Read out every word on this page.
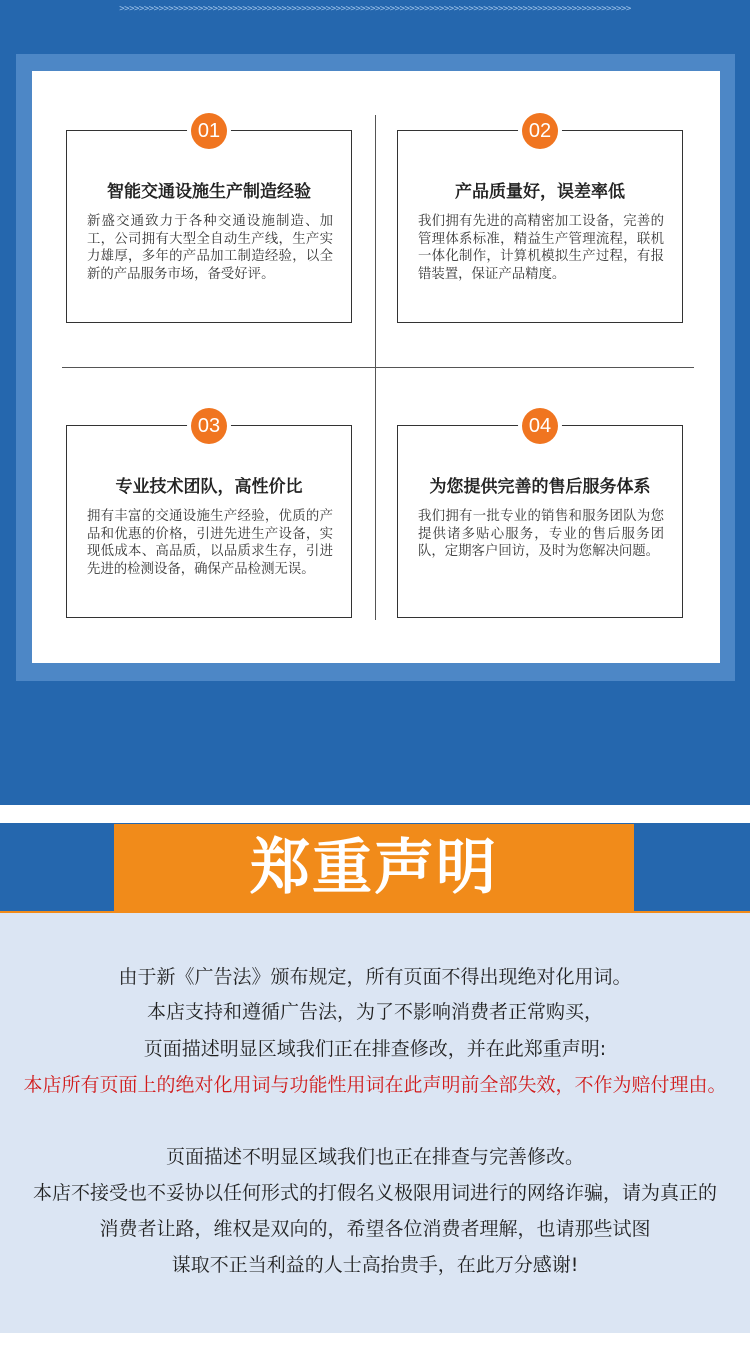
>>>>>>>>>>>>>>>>>>>>>>>>>>>>>>>>>>>>>>>>>>>>>>>>>>>>>>>>>>>>>>>>>>>>>>>>>>>>>>>>>>>>>>>>>>>>>>>>>>>>>>>>
01
智能交通设施生产制造经验
新盛交通致力于各种交通设施制造、加工，公司拥有大型全自动生产线，生产实力雄厚，多年的产品加工制造经验，以全新的产品服务市场，备受好评。
02
产品质量好，误差率低
我们拥有先进的高精密加工设备，完善的管理体系标准，精益生产管理流程，联机一体化制作，计算机模拟生产过程，有报错装置，保证产品精度。
03
专业技术团队，高性价比
拥有丰富的交通设施生产经验，优质的产品和优惠的价格，引进先进生产设备，实现低成本、高品质，以品质求生存，引进先进的检测设备，确保产品检测无误。
04
为您提供完善的售后服务体系
我们拥有一批专业的销售和服务团队为您提供诸多贴心服务，专业的售后服务团队，定期客户回访，及时为您解决问题。
郑重声明
由于新《广告法》颁布规定，所有页面不得出现绝对化用词。
本店支持和遵循广告法，为了不影响消费者正常购买，
页面描述明显区域我们正在排查修改，并在此郑重声明:
本店所有页面上的绝对化用词与功能性用词在此声明前全部失效，不作为赔付理由。
页面描述不明显区域我们也正在排查与完善修改。
本店不接受也不妥协以任何形式的打假名义极限用词进行的网络诈骗，请为真正的
消费者让路，维权是双向的，希望各位消费者理解，也请那些试图
谋取不正当利益的人士高抬贵手，在此万分感谢!
